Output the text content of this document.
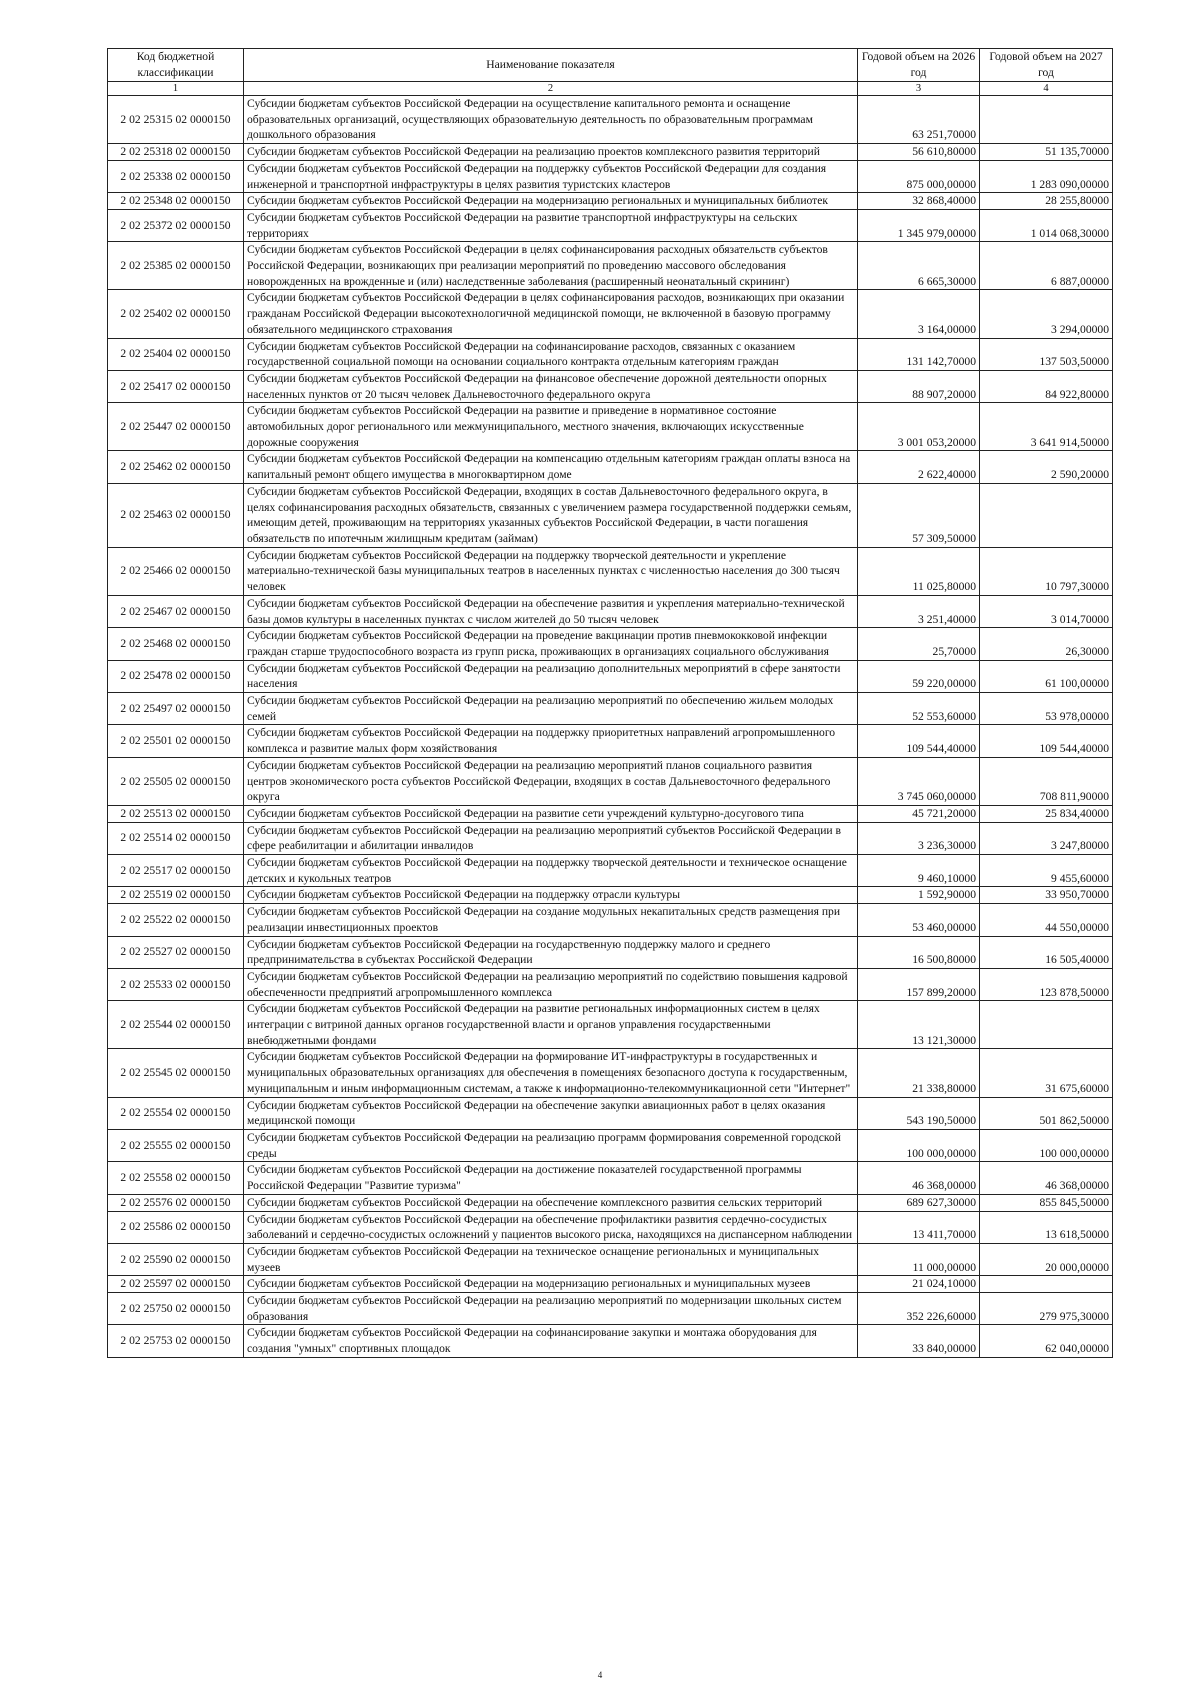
Код бюджетной классификации	Наименование показателя	Годовой объем на 2026 год	Годовой объем на 2027 год
1	2	3	4
2 02 25315 02 0000150	Субсидии бюджетам субъектов Российской Федерации на осуществление капитального ремонта и оснащение образовательных организаций, осуществляющих образовательную деятельность по образовательным программам дошкольного образования	63 251,70000	
2 02 25318 02 0000150	Субсидии бюджетам субъектов Российской Федерации на реализацию проектов комплексного развития территорий	56 610,80000	51 135,70000
2 02 25338 02 0000150	Субсидии бюджетам субъектов Российской Федерации на поддержку субъектов Российской Федерации для создания инженерной и транспортной инфраструктуры в целях развития туристских кластеров	875 000,00000	1 283 090,00000
2 02 25348 02 0000150	Субсидии бюджетам субъектов Российской Федерации на модернизацию региональных и муниципальных библиотек	32 868,40000	28 255,80000
2 02 25372 02 0000150	Субсидии бюджетам субъектов Российской Федерации на развитие транспортной инфраструктуры на сельских территориях	1 345 979,00000	1 014 068,30000
2 02 25385 02 0000150	Субсидии бюджетам субъектов Российской Федерации в целях софинансирования расходных обязательств субъектов Российской Федерации, возникающих при реализации мероприятий по проведению массового обследования новорожденных на врожденные и (или) наследственные заболевания (расширенный неонатальный скрининг)	6 665,30000	6 887,00000
2 02 25402 02 0000150	Субсидии бюджетам субъектов Российской Федерации в целях софинансирования расходов, возникающих при оказании гражданам Российской Федерации высокотехнологичной медицинской помощи, не включенной в базовую программу обязательного медицинского страхования	3 164,00000	3 294,00000
2 02 25404 02 0000150	Субсидии бюджетам субъектов Российской Федерации на софинансирование расходов, связанных с оказанием государственной социальной помощи на основании социального контракта отдельным категориям граждан	131 142,70000	137 503,50000
2 02 25417 02 0000150	Субсидии бюджетам субъектов Российской Федерации на финансовое обеспечение дорожной деятельности опорных населенных пунктов от 20 тысяч человек Дальневосточного федерального округа	88 907,20000	84 922,80000
2 02 25447 02 0000150	Субсидии бюджетам субъектов Российской Федерации на развитие и приведение в нормативное состояние автомобильных дорог регионального или межмуниципального, местного значения, включающих искусственные дорожные сооружения	3 001 053,20000	3 641 914,50000
2 02 25462 02 0000150	Субсидии бюджетам субъектов Российской Федерации на компенсацию отдельным категориям граждан оплаты взноса на капитальный ремонт общего имущества в многоквартирном доме	2 622,40000	2 590,20000
2 02 25463 02 0000150	Субсидии бюджетам субъектов Российской Федерации, входящих в состав Дальневосточного федерального округа, в целях софинансирования расходных обязательств, связанных с увеличением размера государственной поддержки семьям, имеющим детей, проживающим на территориях указанных субъектов Российской Федерации, в части погашения обязательств по ипотечным жилищным кредитам (займам)	57 309,50000	
2 02 25466 02 0000150	Субсидии бюджетам субъектов Российской Федерации на поддержку творческой деятельности и укрепление материально-технической базы муниципальных театров в населенных пунктах с численностью населения до 300 тысяч человек	11 025,80000	10 797,30000
2 02 25467 02 0000150	Субсидии бюджетам субъектов Российской Федерации на обеспечение развития и укрепления материально-технической базы домов культуры в населенных пунктах с числом жителей до 50 тысяч человек	3 251,40000	3 014,70000
2 02 25468 02 0000150	Субсидии бюджетам субъектов Российской Федерации на проведение вакцинации против пневмококковой инфекции граждан старше трудоспособного возраста из групп риска, проживающих в организациях социального обслуживания	25,70000	26,30000
2 02 25478 02 0000150	Субсидии бюджетам субъектов Российской Федерации на реализацию дополнительных мероприятий в сфере занятости населения	59 220,00000	61 100,00000
2 02 25497 02 0000150	Субсидии бюджетам субъектов Российской Федерации на реализацию мероприятий по обеспечению жильем молодых семей	52 553,60000	53 978,00000
2 02 25501 02 0000150	Субсидии бюджетам субъектов Российской Федерации на поддержку приоритетных направлений агропромышленного комплекса и развитие малых форм хозяйствования	109 544,40000	109 544,40000
2 02 25505 02 0000150	Субсидии бюджетам субъектов Российской Федерации на реализацию мероприятий планов социального развития центров экономического роста субъектов Российской Федерации, входящих в состав Дальневосточного федерального округа	3 745 060,00000	708 811,90000
2 02 25513 02 0000150	Субсидии бюджетам субъектов Российской Федерации на развитие сети учреждений культурно-досугового типа	45 721,20000	25 834,40000
2 02 25514 02 0000150	Субсидии бюджетам субъектов Российской Федерации на реализацию мероприятий субъектов Российской Федерации в сфере реабилитации и абилитации инвалидов	3 236,30000	3 247,80000
2 02 25517 02 0000150	Субсидии бюджетам субъектов Российской Федерации на поддержку творческой деятельности и техническое оснащение детских и кукольных театров	9 460,10000	9 455,60000
2 02 25519 02 0000150	Субсидии бюджетам субъектов Российской Федерации на поддержку отрасли культуры	1 592,90000	33 950,70000
2 02 25522 02 0000150	Субсидии бюджетам субъектов Российской Федерации на создание модульных некапитальных средств размещения при реализации инвестиционных проектов	53 460,00000	44 550,00000
2 02 25527 02 0000150	Субсидии бюджетам субъектов Российской Федерации на государственную поддержку малого и среднего предпринимательства в субъектах Российской Федерации	16 500,80000	16 505,40000
2 02 25533 02 0000150	Субсидии бюджетам субъектов Российской Федерации на реализацию мероприятий по содействию повышения кадровой обеспеченности предприятий агропромышленного комплекса	157 899,20000	123 878,50000
2 02 25544 02 0000150	Субсидии бюджетам субъектов Российской Федерации на развитие региональных информационных систем в целях интеграции с витриной данных органов государственной власти и органов управления государственными внебюджетными фондами	13 121,30000	
2 02 25545 02 0000150	Субсидии бюджетам субъектов Российской Федерации на формирование ИТ-инфраструктуры в государственных и муниципальных образовательных организациях для обеспечения в помещениях безопасного доступа к государственным, муниципальным и иным информационным системам, а также к информационно-телекоммуникационной сети "Интернет"	21 338,80000	31 675,60000
2 02 25554 02 0000150	Субсидии бюджетам субъектов Российской Федерации на обеспечение закупки авиационных работ в целях оказания медицинской помощи	543 190,50000	501 862,50000
2 02 25555 02 0000150	Субсидии бюджетам субъектов Российской Федерации на реализацию программ формирования современной городской среды	100 000,00000	100 000,00000
2 02 25558 02 0000150	Субсидии бюджетам субъектов Российской Федерации на достижение показателей государственной программы Российской Федерации "Развитие туризма"	46 368,00000	46 368,00000
2 02 25576 02 0000150	Субсидии бюджетам субъектов Российской Федерации на обеспечение комплексного развития сельских территорий	689 627,30000	855 845,50000
2 02 25586 02 0000150	Субсидии бюджетам субъектов Российской Федерации на обеспечение профилактики развития сердечно-сосудистых заболеваний и сердечно-сосудистых осложнений у пациентов высокого риска, находящихся на диспансерном наблюдении	13 411,70000	13 618,50000
2 02 25590 02 0000150	Субсидии бюджетам субъектов Российской Федерации на техническое оснащение региональных и муниципальных музеев	11 000,00000	20 000,00000
2 02 25597 02 0000150	Субсидии бюджетам субъектов Российской Федерации на модернизацию региональных и муниципальных музеев	21 024,10000	
2 02 25750 02 0000150	Субсидии бюджетам субъектов Российской Федерации на реализацию мероприятий по модернизации школьных систем образования	352 226,60000	279 975,30000
2 02 25753 02 0000150	Субсидии бюджетам субъектов Российской Федерации на софинансирование закупки и монтажа оборудования для создания "умных" спортивных площадок	33 840,00000	62 040,00000
4
